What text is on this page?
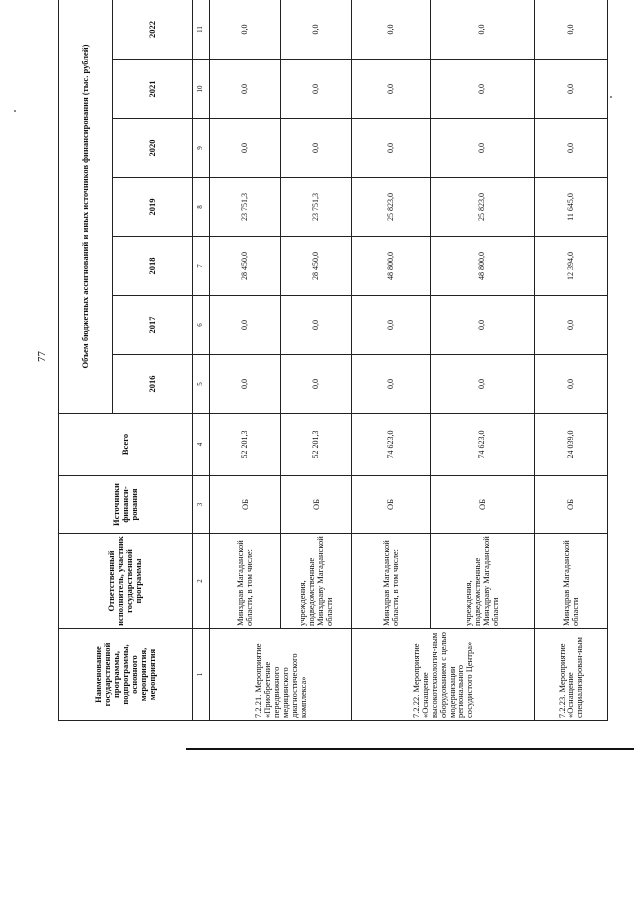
77
Наименование государственной программы, подпрограммы, основного мероприятия, мероприятия	Ответственный исполнитель, участник государственной программы	Источники финанси-рования	Всего	Объем бюджетных ассигнований и иных источников финансирования (тыс. рублей)						
				2016	2017	2018	2019	2020	2021	2022
1	2	3	4	5	6	7	8	9	10	11
7.2.21. Мероприятие «Приобретение передвижного медицинского диагностического комплекса»	Минздрав Магаданской области, в том числе:	ОБ	52 201,3	0,0	0,0	28 450,0	23 751,3	0,0	0,0	0,0
	учреждения, подведомственные Минздраву Магаданской области	ОБ	52 201,3	0,0	0,0	28 450,0	23 751,3	0,0	0,0	0,0
7.2.22. Мероприятие «Оснащение высокотехнологич-ным оборудованием с целью модернизации регионального сосудистого Центра»	Минздрав Магаданской области, в том числе:	ОБ	74 623,0	0,0	0,0	48 800,0	25 823,0	0,0	0,0	0,0
	учреждения, подведомственные Минздраву Магаданской области	ОБ	74 623,0	0,0	0,0	48 800,0	25 823,0	0,0	0,0	0,0
7.2.23. Мероприятие «Оснащение специализирован-ным	Минздрав Магаданской области	ОБ	24 039,0	0,0	0,0	12 394,0	11 645,0	0,0	0,0	0,0
